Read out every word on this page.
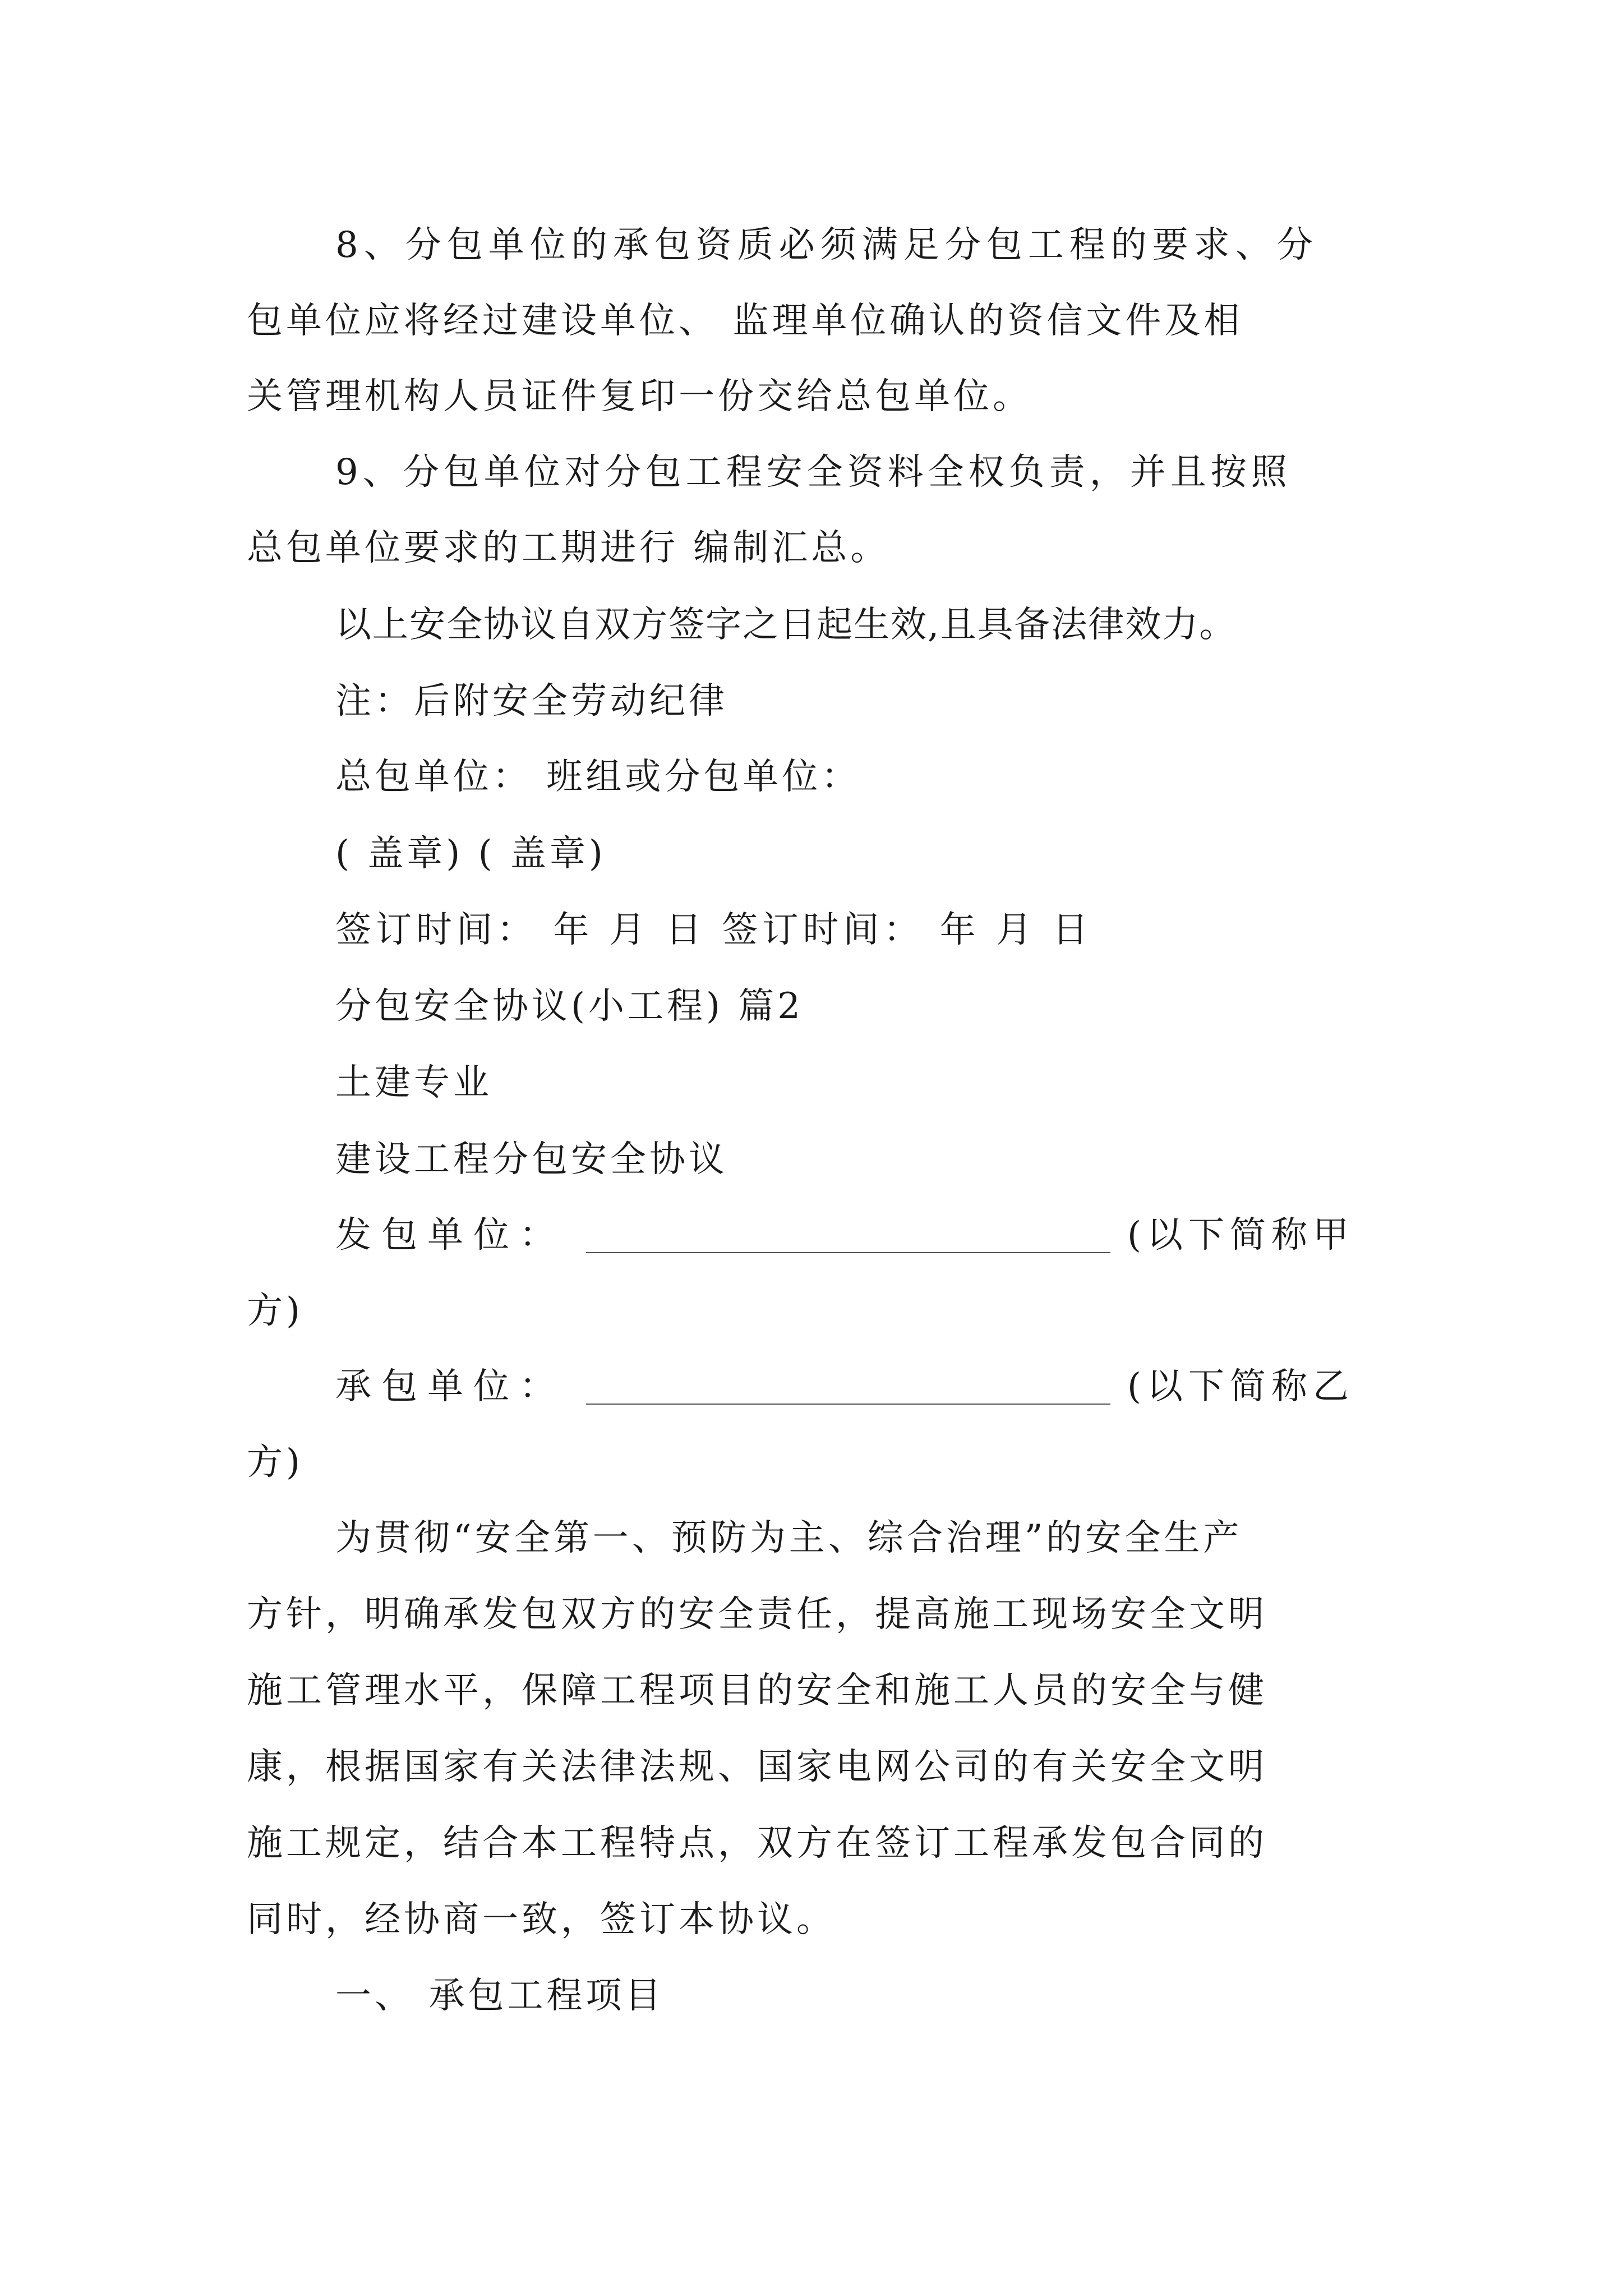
8、分包单位的承包资质必须满足分包工程的要求、分
包单位应将经过建设单位、 监理单位确认的资信文件及相
关管理机构人员证件复印一份交给总包单位。
9、分包单位对分包工程安全资料全权负责，并且按照
总包单位要求的工期进行 编制汇总。
以上安全协议自双方签字之日起生效,且具备法律效力。
注：后附安全劳动纪律
总包单位： 班组或分包单位：
( 盖章) ( 盖章)
签订时间： 年 月 日 签订时间： 年 月 日
分包安全协议(小工程) 篇2
土建专业
建设工程分包安全协议
发包单位：	(以下简称甲
方)
承包单位：	(以下简称乙
方)
为贯彻“安全第一、预防为主、综合治理”的安全生产
方针，明确承发包双方的安全责任，提高施工现场安全文明
施工管理水平，保障工程项目的安全和施工人员的安全与健
康，根据国家有关法律法规、国家电网公司的有关安全文明
施工规定，结合本工程特点，双方在签订工程承发包合同的
同时，经协商一致，签订本协议。
一、 承包工程项目
